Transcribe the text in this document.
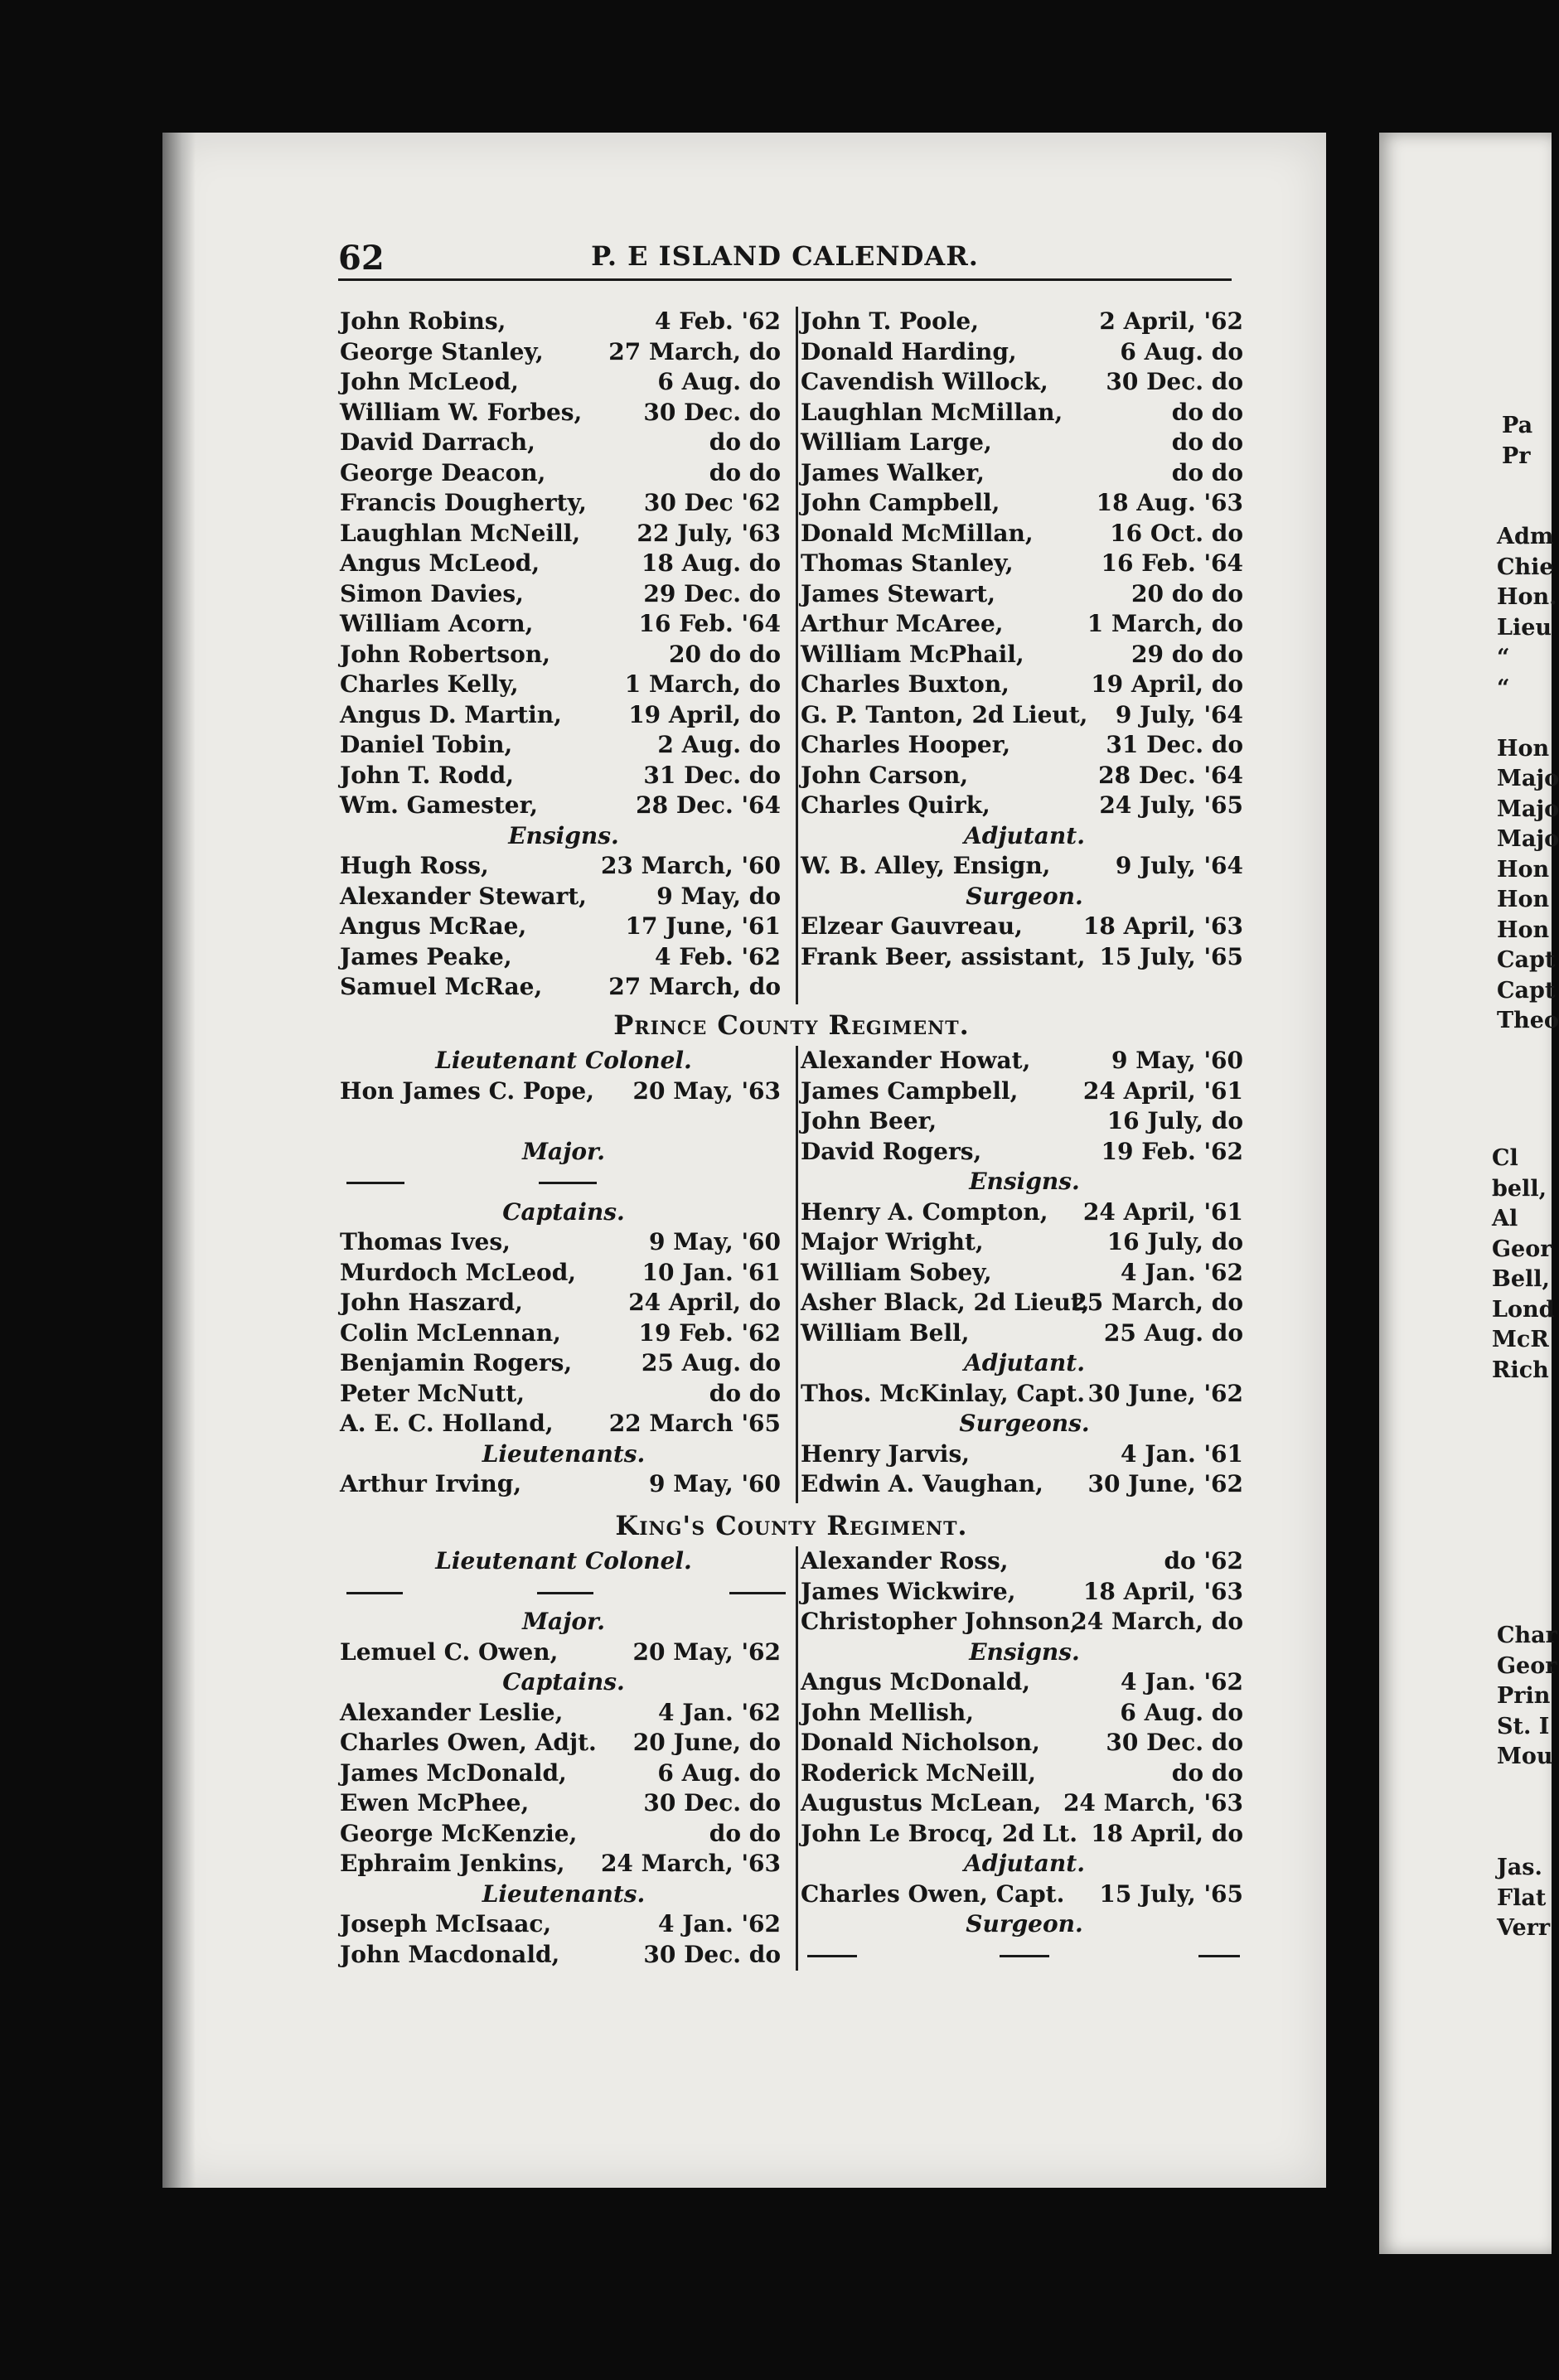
62	P. E ISLAND CALENDAR.
John Robins,	4 Feb. '62
George Stanley,	27 March, do
John McLeod,	6 Aug. do
William W. Forbes,	30 Dec. do
David Darrach,	do do
George Deacon,	do do
Francis Dougherty, 30 Dec '62
Laughlan McNeill, 22 July, '63
Angus McLeod,	18 Aug. do
Simon Davies,	29 Dec. do
William Acorn,	16 Feb. '64
John Robertson,	20 do do
Charles Kelly,	1 March, do
Angus D. Martin,	19 April, do
Daniel Tobin,	2 Aug. do
John T. Rodd,	31 Dec. do
Wm. Gamester,	28 Dec. '64
Ensigns.
Hugh Ross,	23 March, '60
Alexander Stewart,	9 May, do
Angus McRae,	17 June, '61
James Peake,	4 Feb. '62
Samuel McRae,	27 March, do
John T. Poole,	2 April, '62
Donald Harding,	6 Aug. do
Cavendish Willock, 30 Dec. do
Laughlan McMillan,	do do
William Large,	do do
James Walker,	do do
John Campbell,	18 Aug. '63
Donald McMillan,	16 Oct. do
Thomas Stanley,	16 Feb. '64
James Stewart,	20 do do
Arthur McAree,	1 March, do
William McPhail,	29 do do
Charles Buxton,	19 April, do
G. P. Tanton, 2d Lieut, 9 July, '64
Charles Hooper,	31 Dec. do
John Carson,	28 Dec. '64
Charles Quirk,	24 July, '65
Adjutant.
W. B. Alley, Ensign,	9 July, '64
Surgeon.
Elzear Gauvreau,	18 April, '63
Frank Beer, assistant, 15 July, '65
Prince County Regiment.
Lieutenant Colonel.
Hon James C. Pope, 20 May, '63
Major.
Captains.
Thomas Ives,	9 May, '60
Murdoch McLeod,	10 Jan. '61
John Haszard,	24 April, do
Colin McLennan,	19 Feb. '62
Benjamin Rogers,	25 Aug. do
Peter McNutt,	do do
A. E. C. Holland, 22 March '65
Lieutenants.
Arthur Irving,	9 May, '60
Alexander Howat,	9 May, '60
James Campbell,	24 April, '61
John Beer,	16 July, do
David Rogers,	19 Feb. '62
Ensigns.
Henry A. Compton, 24 April, '61
Major Wright,	16 July, do
William Sobey,	4 Jan. '62
Asher Black, 2d Lieut,
25 March, do
William Bell,	25 Aug. do
Adjutant.
Thos. McKinlay, Capt. 30 June, '62
Surgeons.
Henry Jarvis,	4 Jan. '61
Edwin A. Vaughan, 30 June, '62
King's County Regiment.
Lieutenant Colonel.
Major.
Lemuel C. Owen,	20 May, '62
Captains.
Alexander Leslie,	4 Jan. '62
Charles Owen, Adjt. 20 June, do
James McDonald,	6 Aug. do
Ewen McPhee,	30 Dec. do
George McKenzie,	do do
Ephraim Jenkins, 24 March, '63
Lieutenants.
Joseph McIsaac,	4 Jan. '62
John Macdonald,	30 Dec. do
Alexander Ross,	do '62
James Wickwire,	18 April, '63
Christopher Johnson,
24 March, do
Ensigns.
Angus McDonald,	4 Jan. '62
John Mellish,	6 Aug. do
Donald Nicholson,	30 Dec. do
Roderick McNeill,	do do
Augustus McLean, 24 March, '63
John Le Brocq, 2d Lt. 18 April, do
Adjutant.
Charles Owen, Capt. 15 July, '65
Surgeon.
Pa
Pr
Adm
Chie
Hon.
Lieu
“
“
Hon
Majo
Majo
Majo
Hon
Hon
Hon
Capt
Capt
Theo
Cl
bell,
Al
Geor
Bell,
Lond
McR
Rich
Char
Geor
Prin
St. I
Mou
Jas.
Flat
Verr
